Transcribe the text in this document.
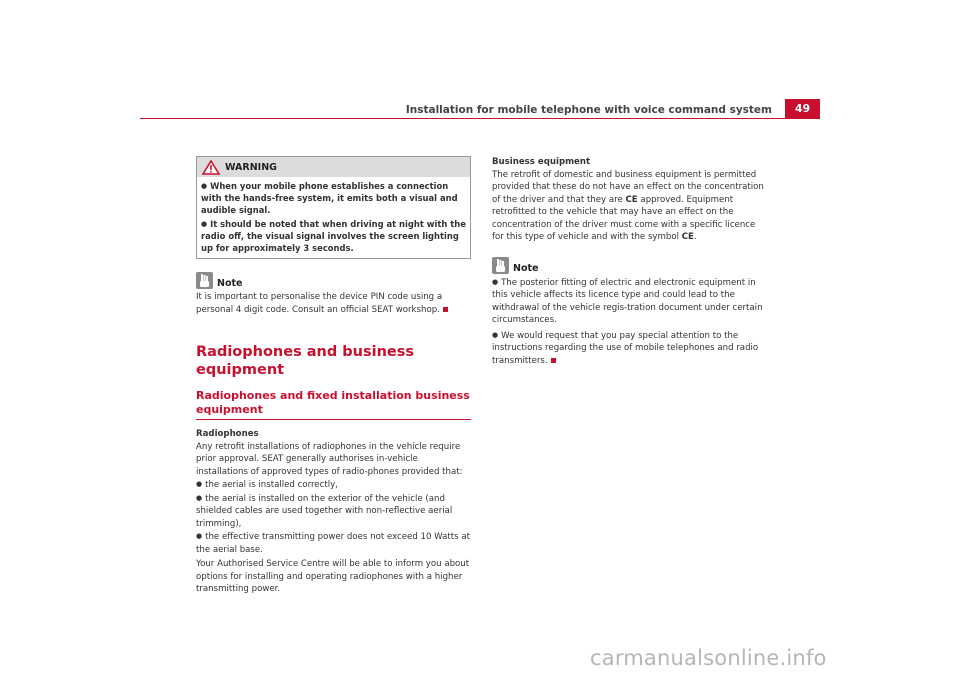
Installation for mobile telephone with voice command system	49
WARNING

● When your mobile phone establishes a connection with the hands-free system, it emits both a visual and audible signal.

● It should be noted that when driving at night with the radio off, the visual signal involves the screen lighting up for approximately 3 seconds.

Note

It is important to personalise the device PIN code using a personal 4 digit code. Consult an official SEAT workshop.

Radiophones and business equipment
Radiophones and fixed installation business equipment

Radiophones

Any retrofit installations of radiophones in the vehicle require prior approval. SEAT generally authorises in-vehicle installations of approved types of radio-phones provided that:

● the aerial is installed correctly,

● the aerial is installed on the exterior of the vehicle (and shielded cables are used together with non-reflective aerial trimming),

● the effective transmitting power does not exceed 10 Watts at the aerial base.

Your Authorised Service Centre will be able to inform you about options for installing and operating radiophones with a higher transmitting power.

Business equipment

The retrofit of domestic and business equipment is permitted provided that these do not have an effect on the concentration of the driver and that they are CE approved. Equipment retrofitted to the vehicle that may have an effect on the concentration of the driver must come with a specific licence for this type of vehicle and with the symbol CE.

Note

● The posterior fitting of electric and electronic equipment in this vehicle affects its licence type and could lead to the withdrawal of the vehicle regis-tration document under certain circumstances.

● We would request that you pay special attention to the instructions regarding the use of mobile telephones and radio transmitters.

carmanualsonline.info
